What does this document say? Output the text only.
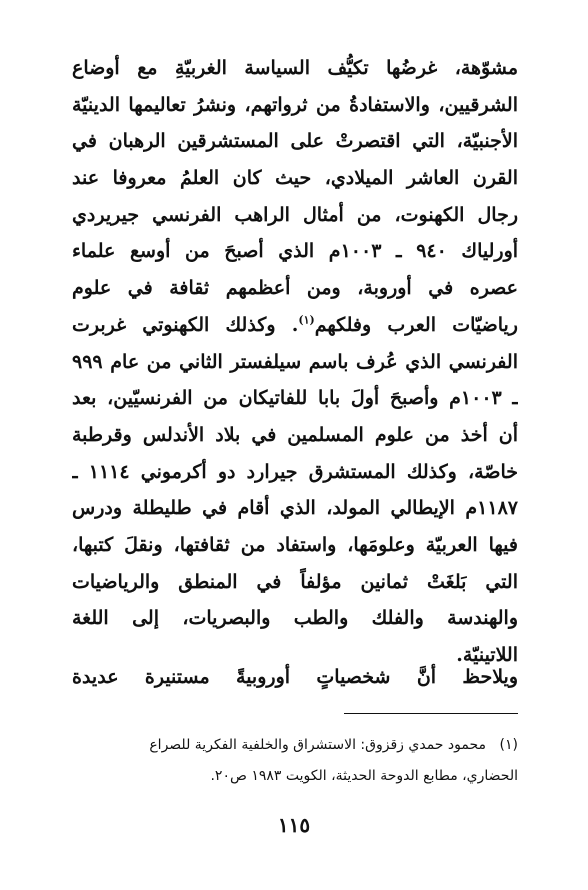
مشوّهة، غرضُها تكيُّف السياسة الغربيّةِ مع أوضاع
الشرقيين، والاستفادةُ من ثرواتهم، ونشرُ تعاليمها الدينيّة
الأجنبيّة، التي اقتصرتْ على المستشرقين الرهبان في
القرن العاشر الميلادي، حيث كان العلمُ معروفا عند
رجال الكهنوت، من أمثال الراهب الفرنسي جيريردي
أورلياك ٩٤٠ ـ ١٠٠٣م الذي أصبحَ من أوسع علماء
عصره في أوروبة، ومن أعظمهم ثقافة في علوم
رياضيّات العرب وفلكهم$^{(١)}$. وكذلك الكهنوتي غربرت
الفرنسي الذي عُرف باسم سيلفستر الثاني من عام ٩٩٩
ـ ١٠٠٣م وأصبحَ أولَ بابا للفاتيكان من الفرنسيّين، بعد
أن أخذ من علوم المسلمين في بلاد الأندلس وقرطبة
خاصّة، وكذلك المستشرق جيرارد دو أكرموني ١١١٤ ـ
١١٨٧م الإيطالي المولد، الذي أقام في طليطلة ودرس
فيها العربيّة وعلومَها، واستفاد من ثقافتها، ونقلَ كتبها،
التي بَلغَتْ ثمانين مؤلفاً في المنطق والرياضيات
والهندسة والفلك والطب والبصريات، إلى اللغة
اللاتينيّة.

ويلاحظ أنَّ شخصياتٍ أوروبيةً مستنيرة عديدة

(١)محمود حمدي زقزوق: الاستشراق والخلفية الفكرية للصراع
الحضاري، مطابع الدوحة الحديثة، الكويت ١٩٨٣ ص٢٠.

١١٥
